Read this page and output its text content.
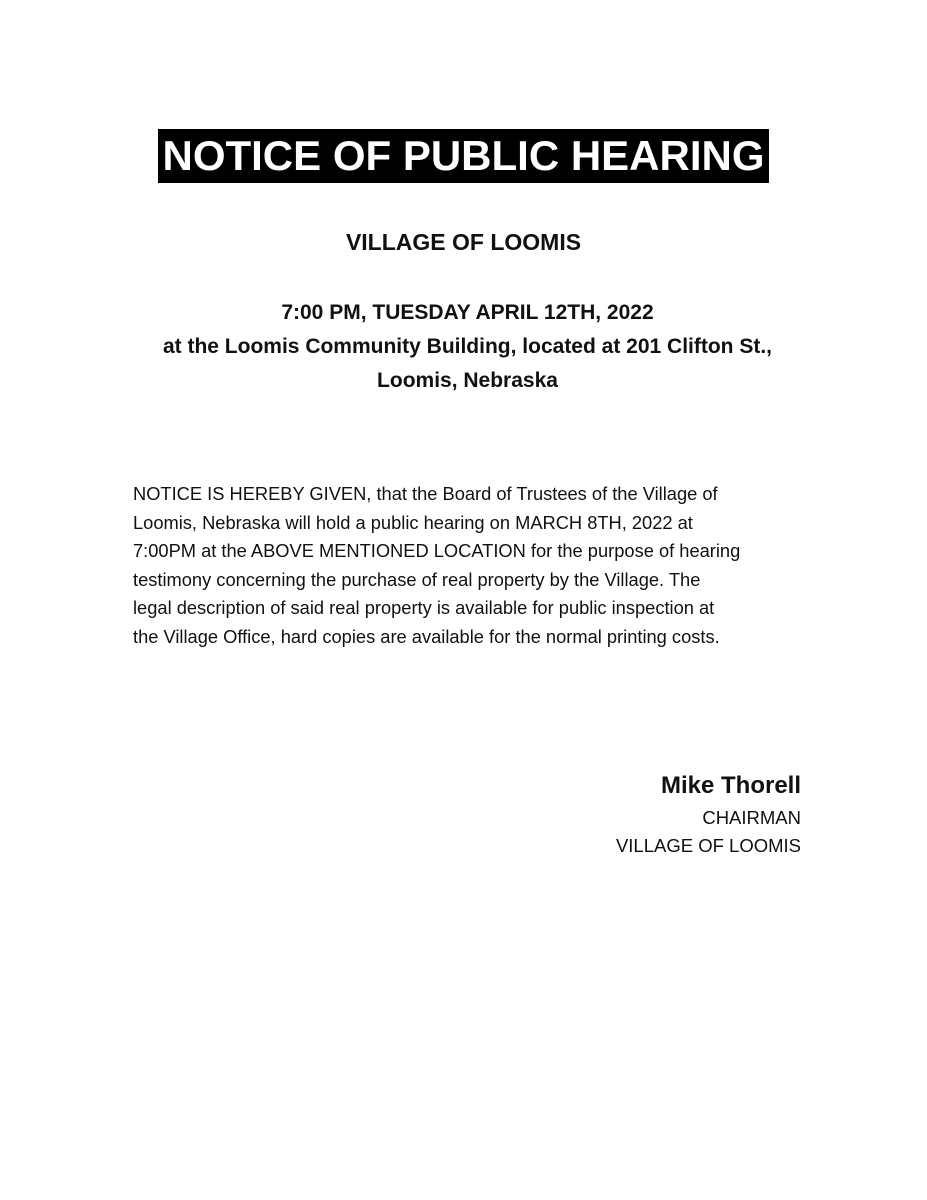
NOTICE OF PUBLIC HEARING
VILLAGE OF LOOMIS
7:00 PM, TUESDAY APRIL 12TH, 2022
at the Loomis Community Building, located at 201 Clifton St.,
Loomis, Nebraska
NOTICE IS HEREBY GIVEN, that the Board of Trustees of the Village of
Loomis, Nebraska will hold a public hearing on MARCH 8TH, 2022 at
7:00PM at the ABOVE MENTIONED LOCATION for the purpose of hearing
testimony concerning the purchase of real property by the Village. The
legal description of said real property is available for public inspection at
the Village Office, hard copies are available for the normal printing costs.
Mike Thorell
CHAIRMAN
VILLAGE OF LOOMIS
